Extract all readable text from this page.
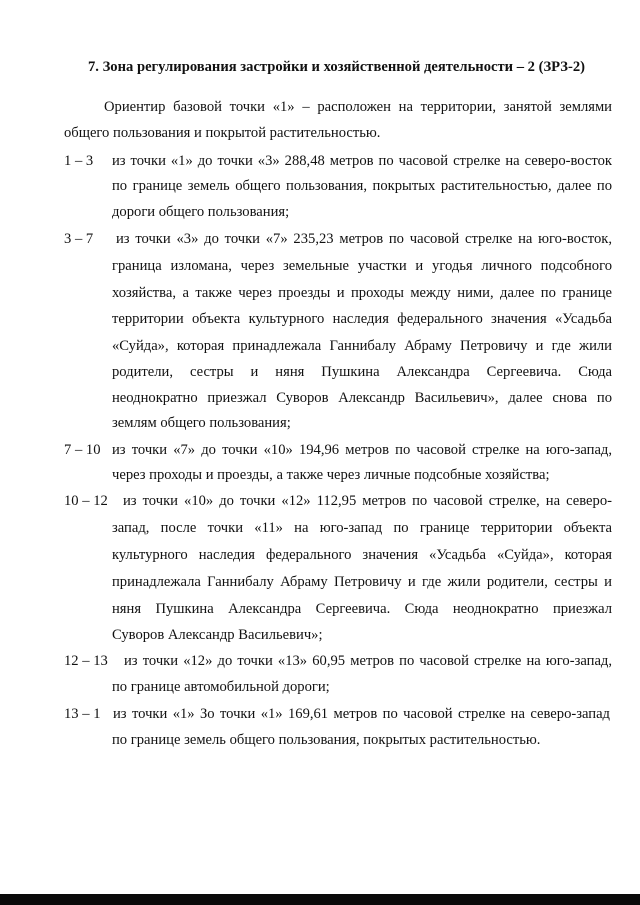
7. Зона регулирования застройки и хозяйственной деятельности – 2 (ЗРЗ-2)
Ориентир базовой точки «1» – расположен на территории, занятой землями
общего пользования и покрытой растительностью.
1 – 3 из точки «1» до точки «3» 288,48 метров по часовой стрелке на северо-восток
по границе земель общего пользования, покрытых растительностью, далее по
дороги общего пользования;
3 – 7 из точки «3» до точки «7» 235,23 метров по часовой стрелке на юго-восток,
граница изломана, через земельные участки и угодья личного подсобного
хозяйства, а также через проезды и проходы между ними, далее по границе
территории объекта культурного наследия федерального значения «Усадьба
«Суйда», которая принадлежала Ганнибалу Абраму Петровичу и где жили
родители, сестры и няня Пушкина Александра Сергеевича. Сюда
неоднократно приезжал Суворов Александр Васильевич», далее снова по
землям общего пользования;
7 – 10 из точки «7» до точки «10» 194,96 метров по часовой стрелке на юго-запад,
через проходы и проезды, а также через личные подсобные хозяйства;
10 – 12 из точки «10» до точки «12» 112,95 метров по часовой стрелке, на северо-
запад, после точки «11» на юго-запад по границе территории объекта
культурного наследия федерального значения «Усадьба «Суйда», которая
принадлежала Ганнибалу Абраму Петровичу и где жили родители, сестры и
няня Пушкина Александра Сергеевича. Сюда неоднократно приезжал
Суворов Александр Васильевич»;
12 – 13 из точки «12» до точки «13» 60,95 метров по часовой стрелке на юго-запад,
по границе автомобильной дороги;
13 – 1 из точки «1» Зо точки «1» 169,61 метров по часовой стрелке на северо-запад
по границе земель общего пользования, покрытых растительностью.
